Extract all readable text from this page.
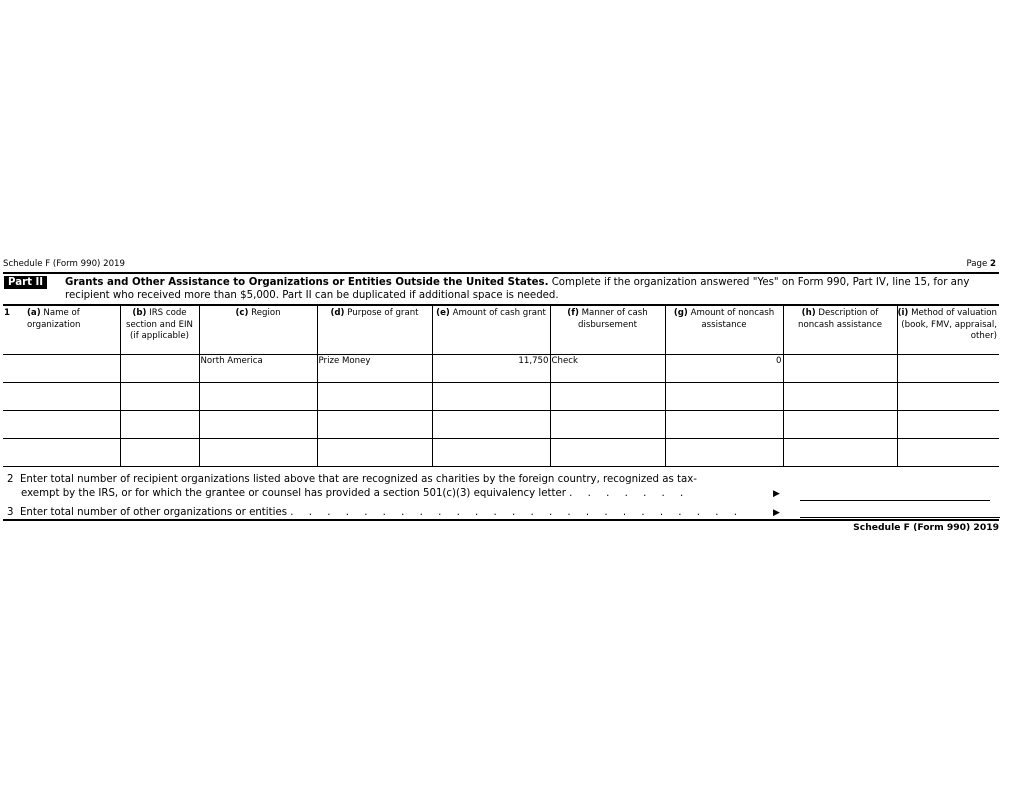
Schedule F (Form 990) 2019	Page 2
Part II	Grants and Other Assistance to Organizations or Entities Outside the United States. Complete if the organization answered "Yes" on Form 990, Part IV, line 15, for any recipient who received more than $5,000. Part II can be duplicated if additional space is needed.
1 (a) Name of organization	(b) IRS code section and EIN (if applicable)	(c) Region	(d) Purpose of grant	(e) Amount of cash grant	(f) Manner of cash disbursement	(g) Amount of noncash assistance	(h) Description of noncash assistance	(i) Method of valuation (book, FMV, appraisal, other)

		North America	Prize Money	11,750	Check	0		

2 Enter total number of recipient organizations listed above that are recognized as charities by the foreign country, recognized as tax-
exempt by the IRS, or for which the grantee or counsel has provided a section 501(c)(3) equivalency letter . . . . . . .	▶
3 Enter total number of other organizations or entities . . . . . . . . . . . . . . . . . . . . . . . . .	▶
Schedule F (Form 990) 2019
